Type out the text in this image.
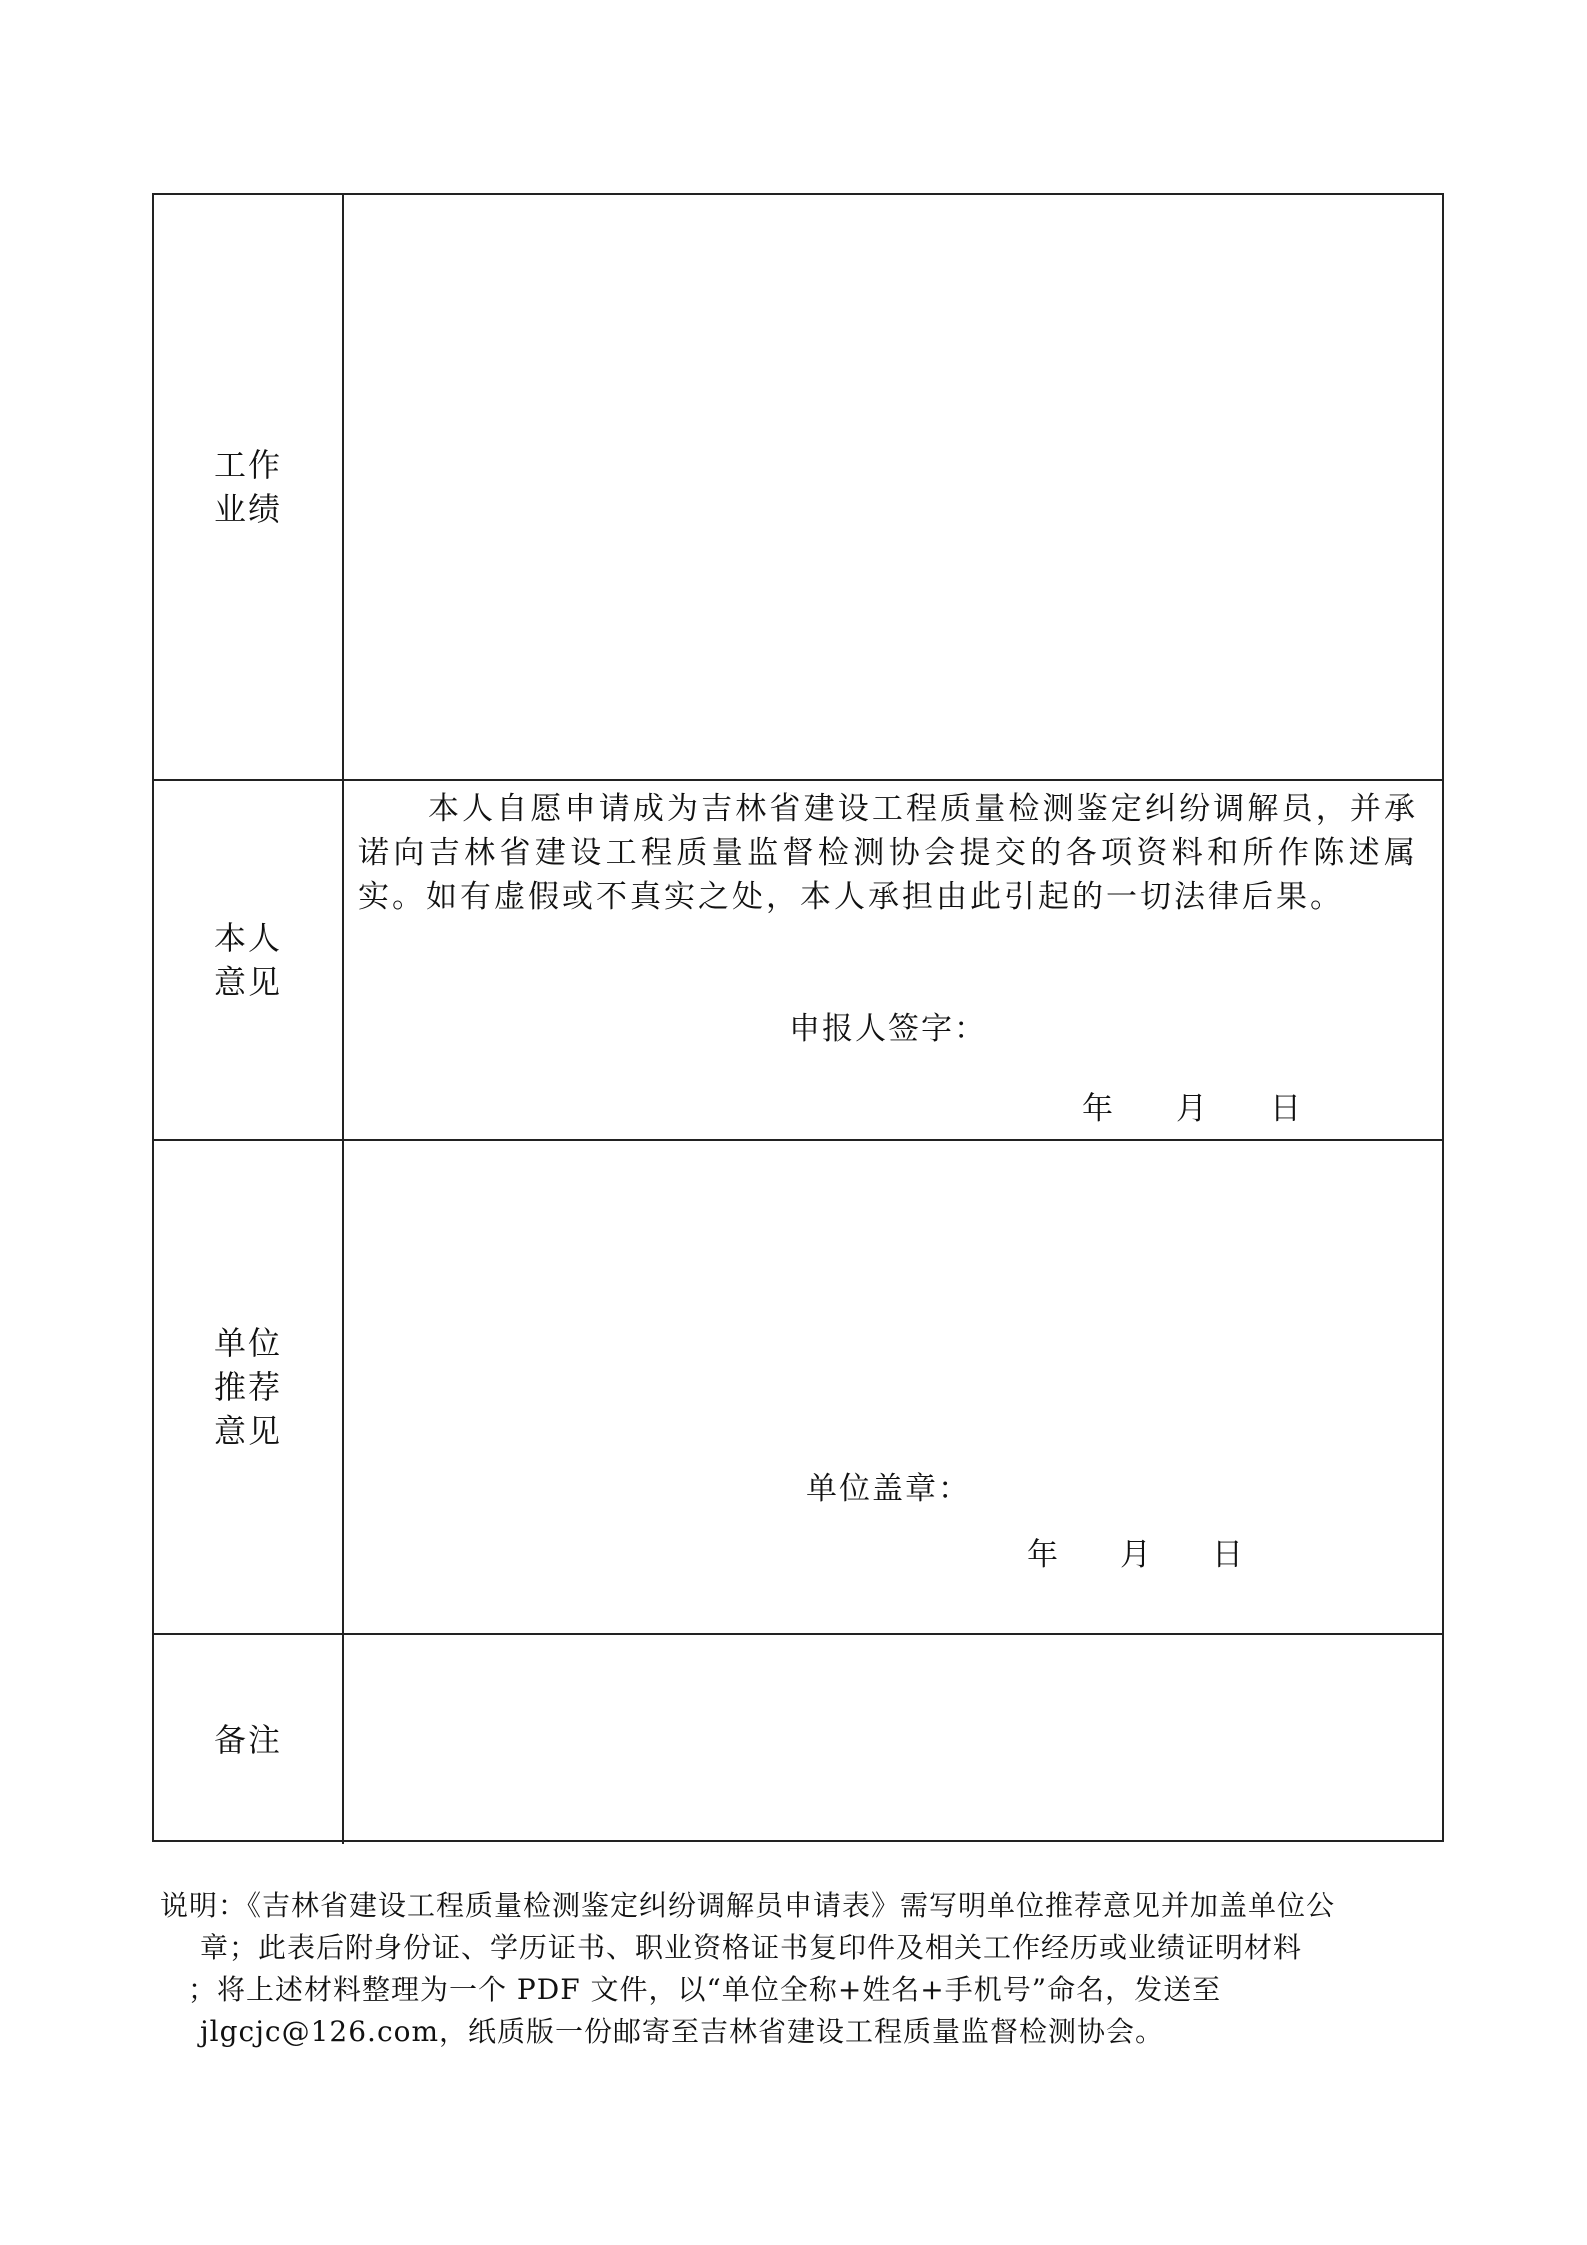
工作
业绩
本人
意见
本人自愿申请成为吉林省建设工程质量检测鉴定纠纷调解员，并承诺向吉林省建设工程质量监督检测协会提交的各项资料和所作陈述属实。如有虚假或不真实之处，本人承担由此引起的一切法律后果。
申报人签字：
年 月 日
单位
推荐
意见
单位盖章：
年 月 日
备注
说明：《吉林省建设工程质量检测鉴定纠纷调解员申请表》需写明单位推荐意见并加盖单位公
章；此表后附身份证、学历证书、职业资格证书复印件及相关工作经历或业绩证明材料
；将上述材料整理为一个 PDF 文件，以“单位全称+姓名+手机号”命名，发送至
jlgcjc@126.com，纸质版一份邮寄至吉林省建设工程质量监督检测协会。
